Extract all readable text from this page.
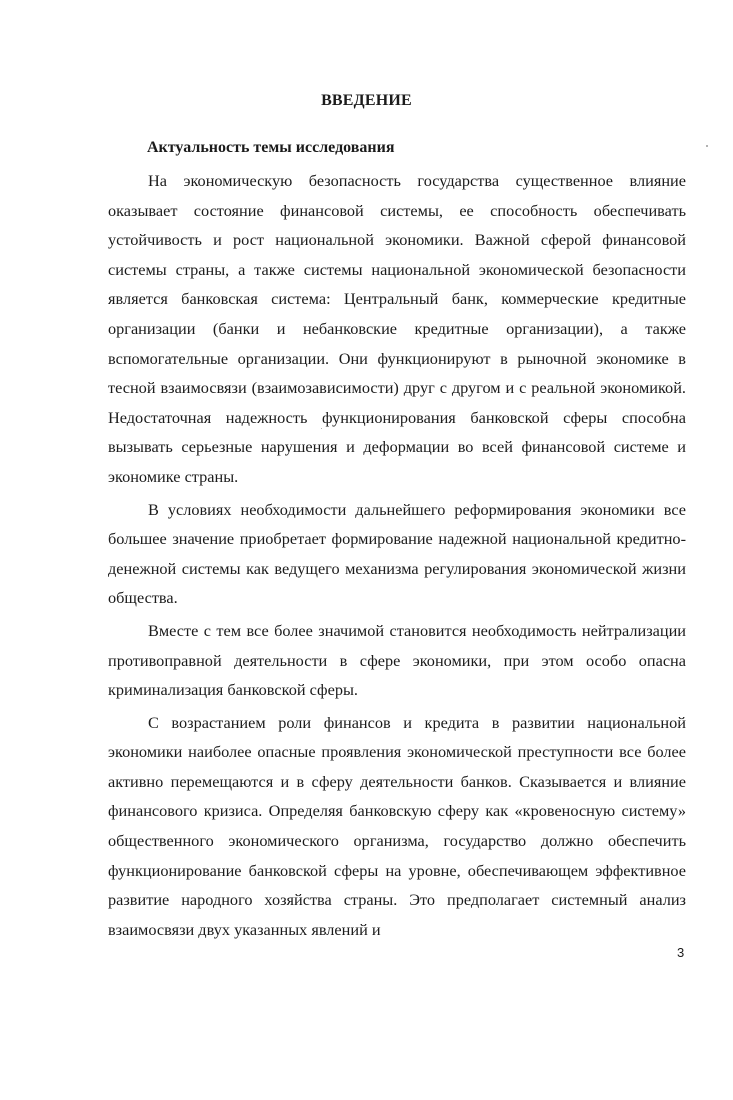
ВВЕДЕНИЕ
Актуальность темы исследования

На экономическую безопасность государства существенное влияние оказывает состояние финансовой системы, ее способность обеспечивать устойчивость и рост национальной экономики. Важной сферой финансовой системы страны, а также системы национальной экономической безопасности является банковская система: Центральный банк, коммерческие кредитные организации (банки и небанковские кредитные организации), а также вспомогательные организации. Они функционируют в рыночной экономике в тесной взаимосвязи (взаимозависимости) друг с другом и с реальной экономикой. Недостаточная надежность функционирования банковской сферы способна вызывать серьезные нарушения и деформации во всей финансовой системе и экономике страны.

В условиях необходимости дальнейшего реформирования экономики все большее значение приобретает формирование надежной национальной кредитно-денежной системы как ведущего механизма регулирования экономической жизни общества.

Вместе с тем все более значимой становится необходимость нейтрализации противоправной деятельности в сфере экономики, при этом особо опасна криминализация банковской сферы.

С возрастанием роли финансов и кредита в развитии национальной экономики наиболее опасные проявления экономической преступности все более активно перемещаются и в сферу деятельности банков. Сказывается и влияние финансового кризиса. Определяя банковскую сферу как «кровеносную систему» общественного экономического организма, государство должно обеспечить функционирование банковской сферы на уровне, обеспечивающем эффективное развитие народного хозяйства страны. Это предполагает системный анализ взаимосвязи двух указанных явлений и

3
